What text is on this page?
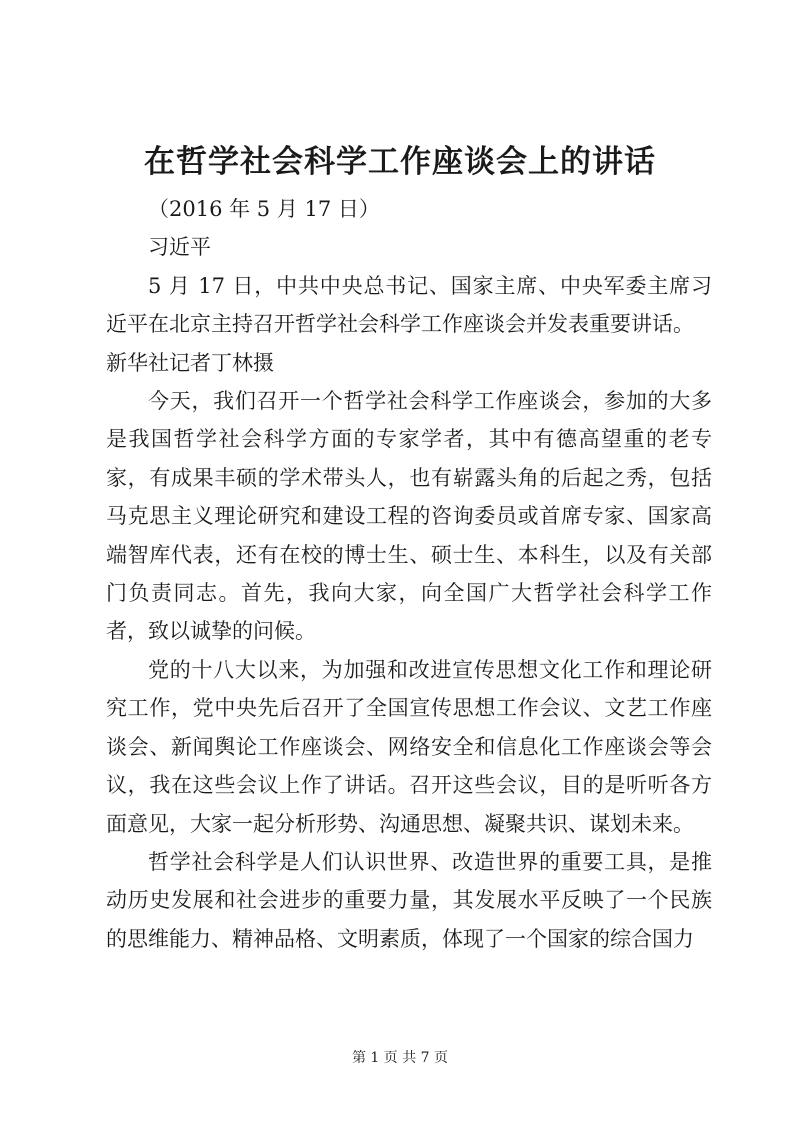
在哲学社会科学工作座谈会上的讲话

（2016 年 5 月 17 日）

习近平

5 月 17 日，中共中央总书记、国家主席、中央军委主席习近平在北京主持召开哲学社会科学工作座谈会并发表重要讲话。

新华社记者丁林摄

今天，我们召开一个哲学社会科学工作座谈会，参加的大多是我国哲学社会科学方面的专家学者，其中有德高望重的老专家，有成果丰硕的学术带头人，也有崭露头角的后起之秀，包括马克思主义理论研究和建设工程的咨询委员或首席专家、国家高端智库代表，还有在校的博士生、硕士生、本科生，以及有关部门负责同志。首先，我向大家，向全国广大哲学社会科学工作者，致以诚挚的问候。

党的十八大以来，为加强和改进宣传思想文化工作和理论研究工作，党中央先后召开了全国宣传思想工作会议、文艺工作座谈会、新闻舆论工作座谈会、网络安全和信息化工作座谈会等会议，我在这些会议上作了讲话。召开这些会议，目的是听听各方面意见，大家一起分析形势、沟通思想、凝聚共识、谋划未来。

哲学社会科学是人们认识世界、改造世界的重要工具，是推动历史发展和社会进步的重要力量，其发展水平反映了一个民族的思维能力、精神品格、文明素质，体现了一个国家的综合国力

第 1 页 共 7 页
